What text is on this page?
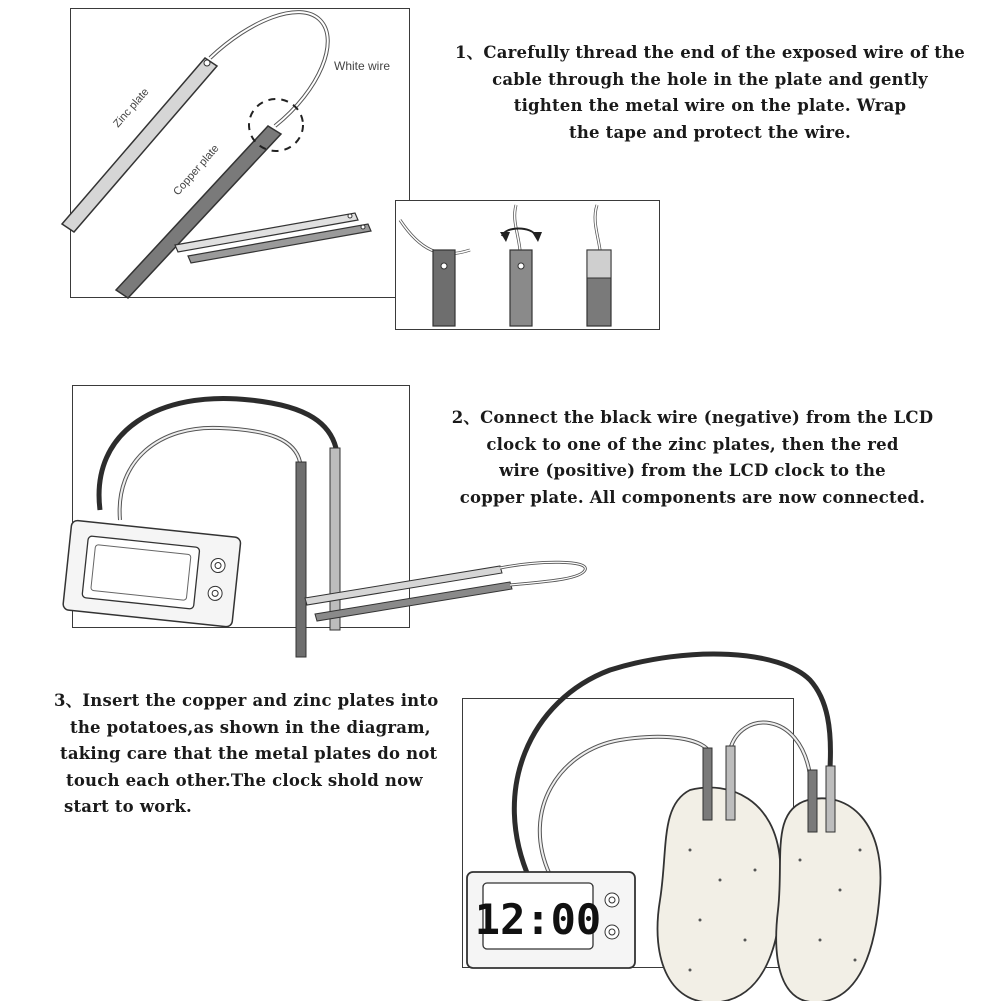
Zinc plate
Copper plate
White wire
1、Carefully thread the end of the exposed wire of the
cable through the hole in the plate and gently
tighten the metal wire on the plate. Wrap
the tape and protect the wire.
2、Connect the black wire (negative) from the LCD
clock to one of the zinc plates, then the red
wire (positive) from the LCD clock to the
copper plate. All components are now connected.
3、Insert the copper and zinc plates into
the potatoes,as shown in the diagram,
taking care that the metal plates do not
touch each other.The clock shold now
start to work.
12:00
